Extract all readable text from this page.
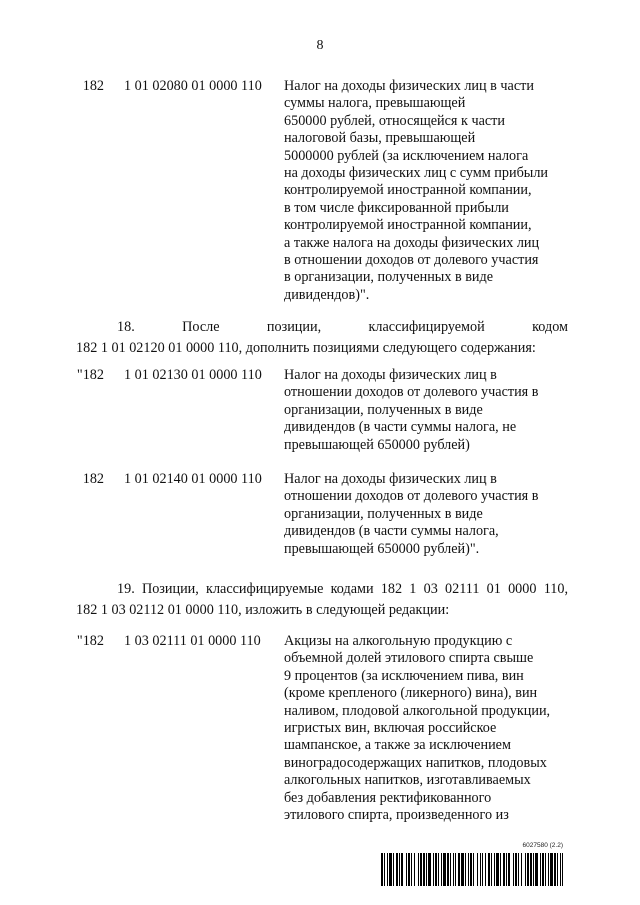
8
182 1 01 02080 01 0000 110	Налог на доходы физических лиц в части
суммы налога, превышающей
650000 рублей, относящейся к части
налоговой базы, превышающей
5000000 рублей (за исключением налога
на доходы физических лиц с сумм прибыли
контролируемой иностранной компании,
в том числе фиксированной прибыли
контролируемой иностранной компании,
а также налога на доходы физических лиц
в отношении доходов от долевого участия
в организации, полученных в виде
дивидендов)".
18. После позиции, классифицируемой кодом
182 1 01 02120 01 0000 110, дополнить позициями следующего содержания:
"182 1 01 02130 01 0000 110	Налог на доходы физических лиц в
отношении доходов от долевого участия в
организации, полученных в виде
дивидендов (в части суммы налога, не
превышающей 650000 рублей)
182 1 01 02140 01 0000 110	Налог на доходы физических лиц в
отношении доходов от долевого участия в
организации, полученных в виде
дивидендов (в части суммы налога,
превышающей 650000 рублей)".
19. Позиции, классифицируемые кодами 182 1 03 02111 01 0000 110,
182 1 03 02112 01 0000 110, изложить в следующей редакции:
"182 1 03 02111 01 0000 110	Акцизы на алкогольную продукцию с
объемной долей этилового спирта свыше
9 процентов (за исключением пива, вин
(кроме крепленого (ликерного) вина), вин
наливом, плодовой алкогольной продукции,
игристых вин, включая российское
шампанское, а также за исключением
виноградосодержащих напитков, плодовых
алкогольных напитков, изготавливаемых
без добавления ректификованного
этилового спирта, произведенного из
6027580 (2.2)
